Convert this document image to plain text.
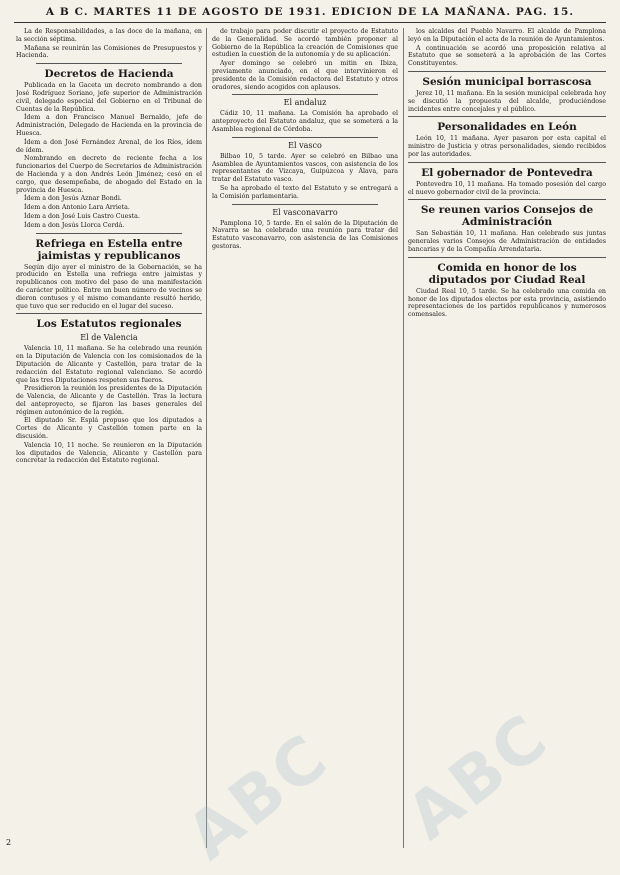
A B C. MARTES 11 DE AGOSTO DE 1931. EDICION DE LA MAÑANA. PAG. 15.

La de Responsabilidades, a las doce de la mañana, en la sección séptima.

Mañana se reunirán las Comisiones de Presupuestos y Hacienda.

Decretos de Hacienda

Publicada en la Gaceta un decreto nombrando a don José Rodríguez Soriano, jefe superior de Administración civil, delegado especial del Gobierno en el Tribunal de Cuentas de la República.

Ídem a don Francisco Manuel Bernaldo, jefe de Administración, Delegado de Hacienda en la provincia de Huesca.

Ídem a don José Fernández Arenal, de los Ríos, ídem de ídem.

Nombrando en decreto de reciente fecha a los funcionarios del Cuerpo de Secretarios de Administración de Hacienda y a don Andrés León Jiménez; cesó en el cargo, que desempeñaba, de abogado del Estado en la provincia de Huesca.

Ídem a don Jesús Aznar Bondi.

Ídem a don Antonio Lara Arrieta.

Ídem a don José Luis Castro Cuesta.

Ídem a don Jesús Llorca Cerdá.

Refriega en Estella entre jaimistas y republicanos

Según dijo ayer el ministro de la Gobernación, se ha producido en Estella una refriega entre jaimistas y republicanos con motivo del paso de una manifestación de carácter político. Entre un buen número de vecinos se dieron contusos y el mismo comandante resultó herido, que tuvo que ser reducido en el lugar del suceso.

Los Estatutos regionales
El de Valencia

Valencia 10, 11 mañana. Se ha celebrado una reunión en la Diputación de Valencia con los comisionados de la Diputación de Alicante y Castellón, para tratar de la redacción del Estatuto regional valenciano. Se acordó que las tres Diputaciones respeten sus fueros.

Presidieron la reunión los presidentes de la Diputación de Valencia, de Alicante y de Castellón. Tras la lectura del anteproyecto, se fijaron las bases generales del régimen autonómico de la región.

El diputado Sr. Esplá propuso que los diputados a Cortes de Alicante y Castellón tomen parte en la discusión.

Valencia 10, 11 noche. Se reunieron en la Diputación los diputados de Valencia, Alicante y Castellón para concretar la redacción del Estatuto regional.

de trabajo para poder discutir el proyecto de Estatuto de la Generalidad. Se acordó también proponer al Gobierno de la República la creación de Comisiones que estudien la cuestión de la autonomía y de su aplicación.

Ayer domingo se celebró un mitin en Ibiza, previamente anunciado, en el que intervinieron el presidente de la Comisión redactora del Estatuto y otros oradores, siendo acogidos con aplausos.

El andaluz

Cádiz 10, 11 mañana. La Comisión ha aprobado el anteproyecto del Estatuto andaluz, que se someterá a la Asamblea regional de Córdoba.

El vasco

Bilbao 10, 5 tarde. Ayer se celebró en Bilbao una Asamblea de Ayuntamientos vascos, con asistencia de los representantes de Vizcaya, Guipúzcoa y Álava, para tratar del Estatuto vasco.

Se ha aprobado el texto del Estatuto y se entregará a la Comisión parlamentaria.

El vasconavarro

Pamplona 10, 5 tarde. En el salón de la Diputación de Navarra se ha celebrado una reunión para tratar del Estatuto vasconavarro, con asistencia de las Comisiones gestoras.

los alcaldes del Pueblo Navarro. El alcalde de Pamplona leyó en la Diputación el acta de la reunión de Ayuntamientos.

A continuación se acordó una proposición relativa al Estatuto que se someterá a la aprobación de las Cortes Constituyentes.

Sesión municipal borrascosa

Jerez 10, 11 mañana. En la sesión municipal celebrada hoy se discutió la propuesta del alcalde, produciéndose incidentes entre concejales y el público.

Personalidades en León

León 10, 11 mañana. Ayer pasaron por esta capital el ministro de Justicia y otras personalidades, siendo recibidos por las autoridades.

El gobernador de Pontevedra

Pontevedra 10, 11 mañana. Ha tomado posesión del cargo el nuevo gobernador civil de la provincia.

Se reunen varios Consejos de Administración

San Sebastián 10, 11 mañana. Han celebrado sus juntas generales varios Consejos de Administración de entidades bancarias y de la Compañía Arrendataria.

Comida en honor de los diputados por Ciudad Real

Ciudad Real 10, 5 tarde. Se ha celebrado una comida en honor de los diputados electos por esta provincia, asistiendo representaciones de los partidos republicanos y numerosos comensales.

ABC ABC
2
